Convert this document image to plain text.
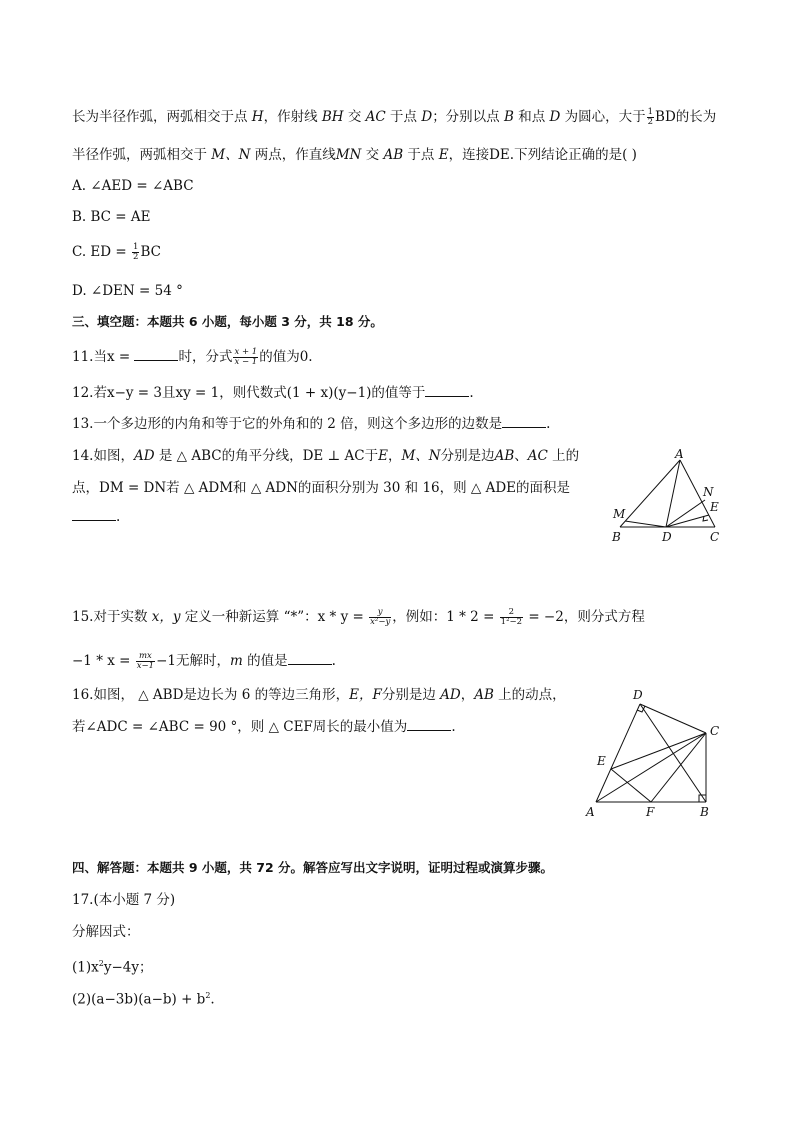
长为半径作弧，两弧相交于点 H，作射线 BH 交 AC 于点 D；分别以点 B 和点 D 为圆心，大于 $\frac{1}{2}$ BD的长为
半径作弧，两弧相交于 M、N 两点，作直线MN 交 AB 于点 E，连接DE.下列结论正确的是( )
A. ∠AED = ∠ABC
B. BC = AE
C. ED = $\frac{1}{2}$ BC
D. ∠DEN = 54 °
三、填空题：本题共 6 小题，每小题 3 分，共 18 分。
11.当x =	时，分式 $\frac{x + 1}{x - 1}$ 的值为0.
12.若x−y = 3且xy = 1，则代数式(1 + x)(y−1)的值等于	.
13.一个多边形的内角和等于它的外角和的 2 倍，则这个多边形的边数是	.
14.如图，AD 是 △ ABC的角平分线，DE ⊥ AC于E，M、N分别是边AB、AC 上的
点，DM = DN若 △ ADM和 △ ADN的面积分别为 30 和 16，则 △ ADE的面积是
.
A
B	C
D
E
M
N
15.对于实数 x，y 定义一种新运算 “*”：$x * y = \frac{y}{\text{x²−y}}$ ，例如：$1 * 2 = \frac{2}{\text{1²−2}} = -2$，则分式方程
$-1 * x = \frac{mx}{x-1} -1$无解时，m 的值是	.
16.如图， △ ABD是边长为 6 的等边三角形，E，F分别是边 AD，AB 上的动点，
若∠ADC = ∠ABC = 90 °，则 △ CEF周长的最小值为	.
D
C
E
A	F	B
四、解答题：本题共 9 小题，共 72 分。解答应写出文字说明，证明过程或演算步骤。
17.(本小题 7 分)
分解因式：
$(1)x^2y-4y$；
$(2)(a-3b)(a-b) + b^2$.
